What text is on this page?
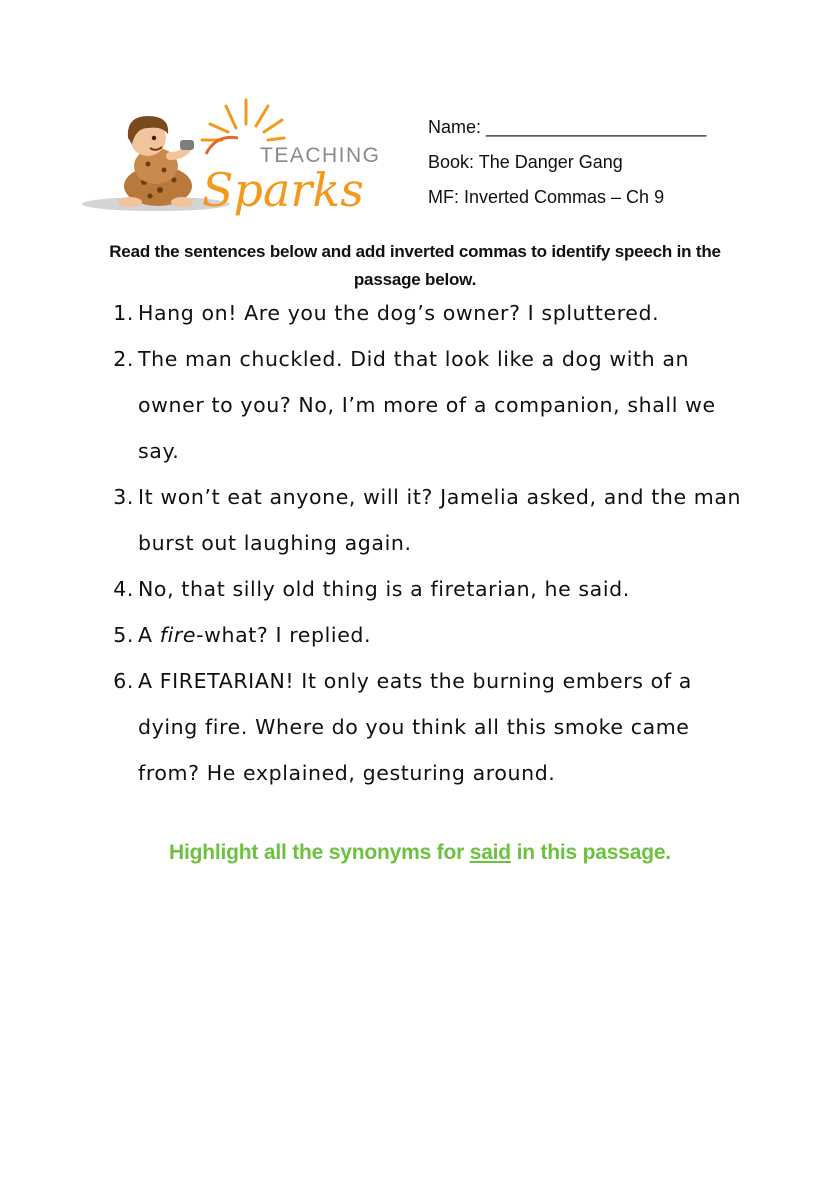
TEACHING
Sparks
Name: ______________________
Book: The Danger Gang
MF: Inverted Commas – Ch 9
Read the sentences below and add inverted commas to identify speech in the passage below.
1. Hang on! Are you the dog’s owner? I spluttered.
2. The man chuckled. Did that look like a dog with an owner to you? No, I’m more of a companion, shall we say.
3. It won’t eat anyone, will it? Jamelia asked, and the man burst out laughing again.
4. No, that silly old thing is a firetarian, he said.
5. A fire-what? I replied.
6. A FIRETARIAN! It only eats the burning embers of a dying fire. Where do you think all this smoke came from? He explained, gesturing around.
Highlight all the synonyms for said in this passage.
